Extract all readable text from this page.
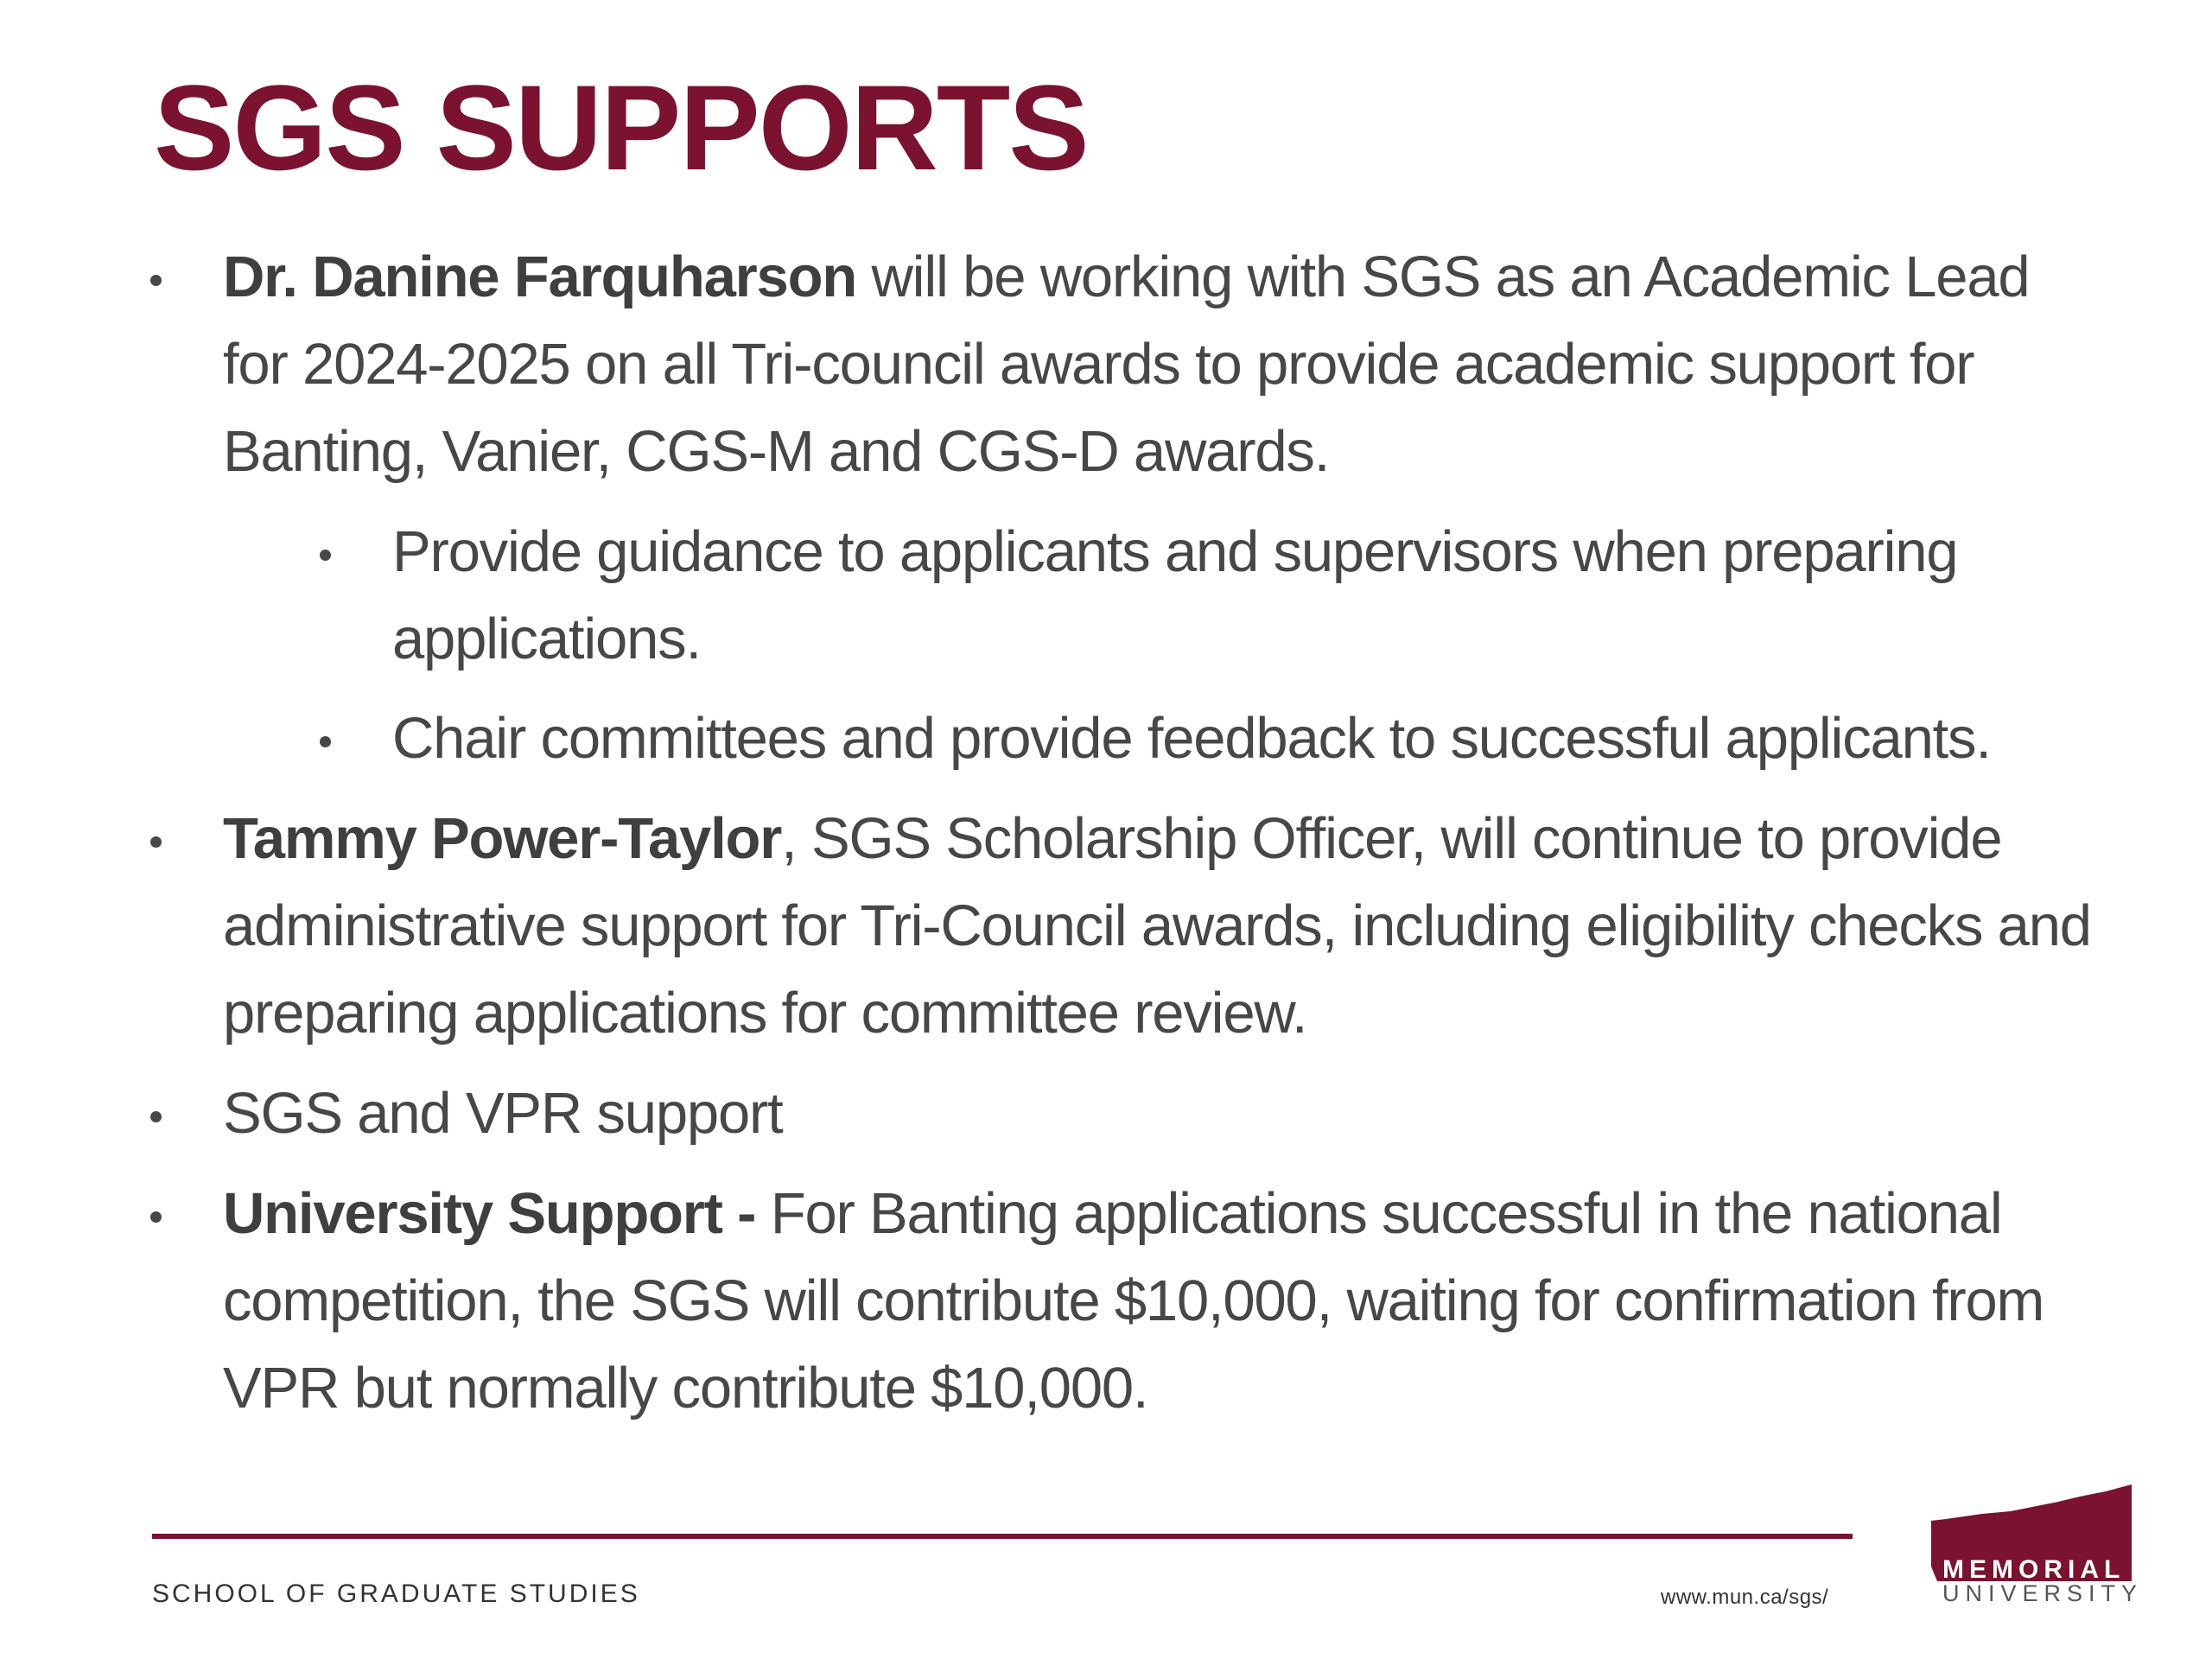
SGS SUPPORTS
Dr. Danine Farquharson will be working with SGS as an Academic Lead for 2024-2025 on all Tri-council awards to provide academic support for Banting, Vanier, CGS-M and CGS-D awards.
Provide guidance to applicants and supervisors when preparing applications.
Chair committees and provide feedback to successful applicants.
Tammy Power-Taylor, SGS Scholarship Officer, will continue to provide administrative support for Tri-Council awards, including eligibility checks and preparing applications for committee review.
SGS and VPR support
University Support - For Banting applications successful in the national competition, the SGS will contribute $10,000, waiting for confirmation from VPR but normally contribute $10,000.
SCHOOL OF GRADUATE STUDIES	www.mun.ca/sgs/
MEMORIAL
UNIVERSITY
